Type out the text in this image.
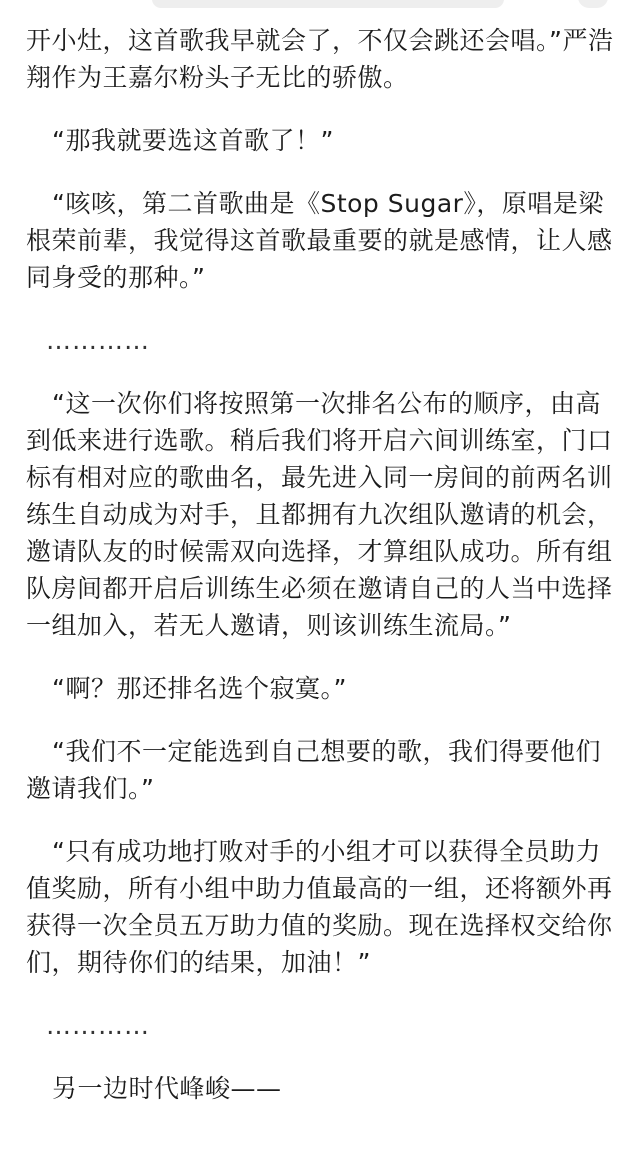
开小灶，这首歌我早就会了，不仅会跳还会唱。”严浩翔作为王嘉尔粉头子无比的骄傲。

“那我就要选这首歌了！”

“咳咳，第二首歌曲是《Stop Sugar》，原唱是梁根荣前辈，我觉得这首歌最重要的就是感情，让人感同身受的那种。”

…………

“这一次你们将按照第一次排名公布的顺序，由高到低来进行选歌。稍后我们将开启六间训练室，门口标有相对应的歌曲名，最先进入同一房间的前两名训练生自动成为对手，且都拥有九次组队邀请的机会，邀请队友的时候需双向选择，才算组队成功。所有组队房间都开启后训练生必须在邀请自己的人当中选择一组加入，若无人邀请，则该训练生流局。”

“啊？那还排名选个寂寞。”

“我们不一定能选到自己想要的歌，我们得要他们邀请我们。”

“只有成功地打败对手的小组才可以获得全员助力值奖励，所有小组中助力值最高的一组，还将额外再获得一次全员五万助力值的奖励。现在选择权交给你们，期待你们的结果，加油！”

…………

另一边时代峰峻——
